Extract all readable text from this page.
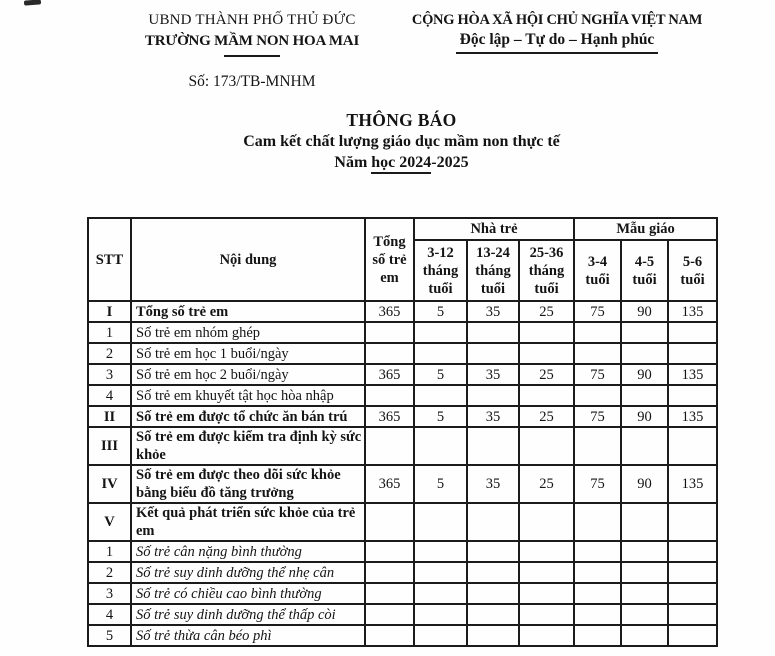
UBND THÀNH PHỐ THỦ ĐỨC
TRƯỜNG MẦM NON HOA MAI
Số: 173/TB-MNHM
CỘNG HÒA XÃ HỘI CHỦ NGHĨA VIỆT NAM
Độc lập – Tự do – Hạnh phúc
THÔNG BÁO
Cam kết chất lượng giáo dục mầm non thực tế
Năm học 2024-2025
STT	Nội dung	Tổng số trẻ em	Nhà trẻ			Mẫu giáo		
			3-12 tháng tuổi	13-24 tháng tuổi	25-36 tháng tuổi	3-4 tuổi	4-5 tuổi	5-6 tuổi
I	Tổng số trẻ em	365	5	35	25	75	90	135
1	Số trẻ em nhóm ghép							
2	Số trẻ em học 1 buổi/ngày							
3	Số trẻ em học 2 buổi/ngày	365	5	35	25	75	90	135
4	Số trẻ em khuyết tật học hòa nhập							
II	Số trẻ em được tổ chức ăn bán trú	365	5	35	25	75	90	135
III	Số trẻ em được kiểm tra định kỳ sức khỏe							
IV	Số trẻ em được theo dõi sức khỏe bằng biểu đồ tăng trưởng	365	5	35	25	75	90	135
V	Kết quả phát triển sức khỏe của trẻ em							
1	Số trẻ cân nặng bình thường							
2	Số trẻ suy dinh dưỡng thể nhẹ cân							
3	Số trẻ có chiều cao bình thường							
4	Số trẻ suy dinh dưỡng thể thấp còi							
5	Số trẻ thừa cân béo phì							
